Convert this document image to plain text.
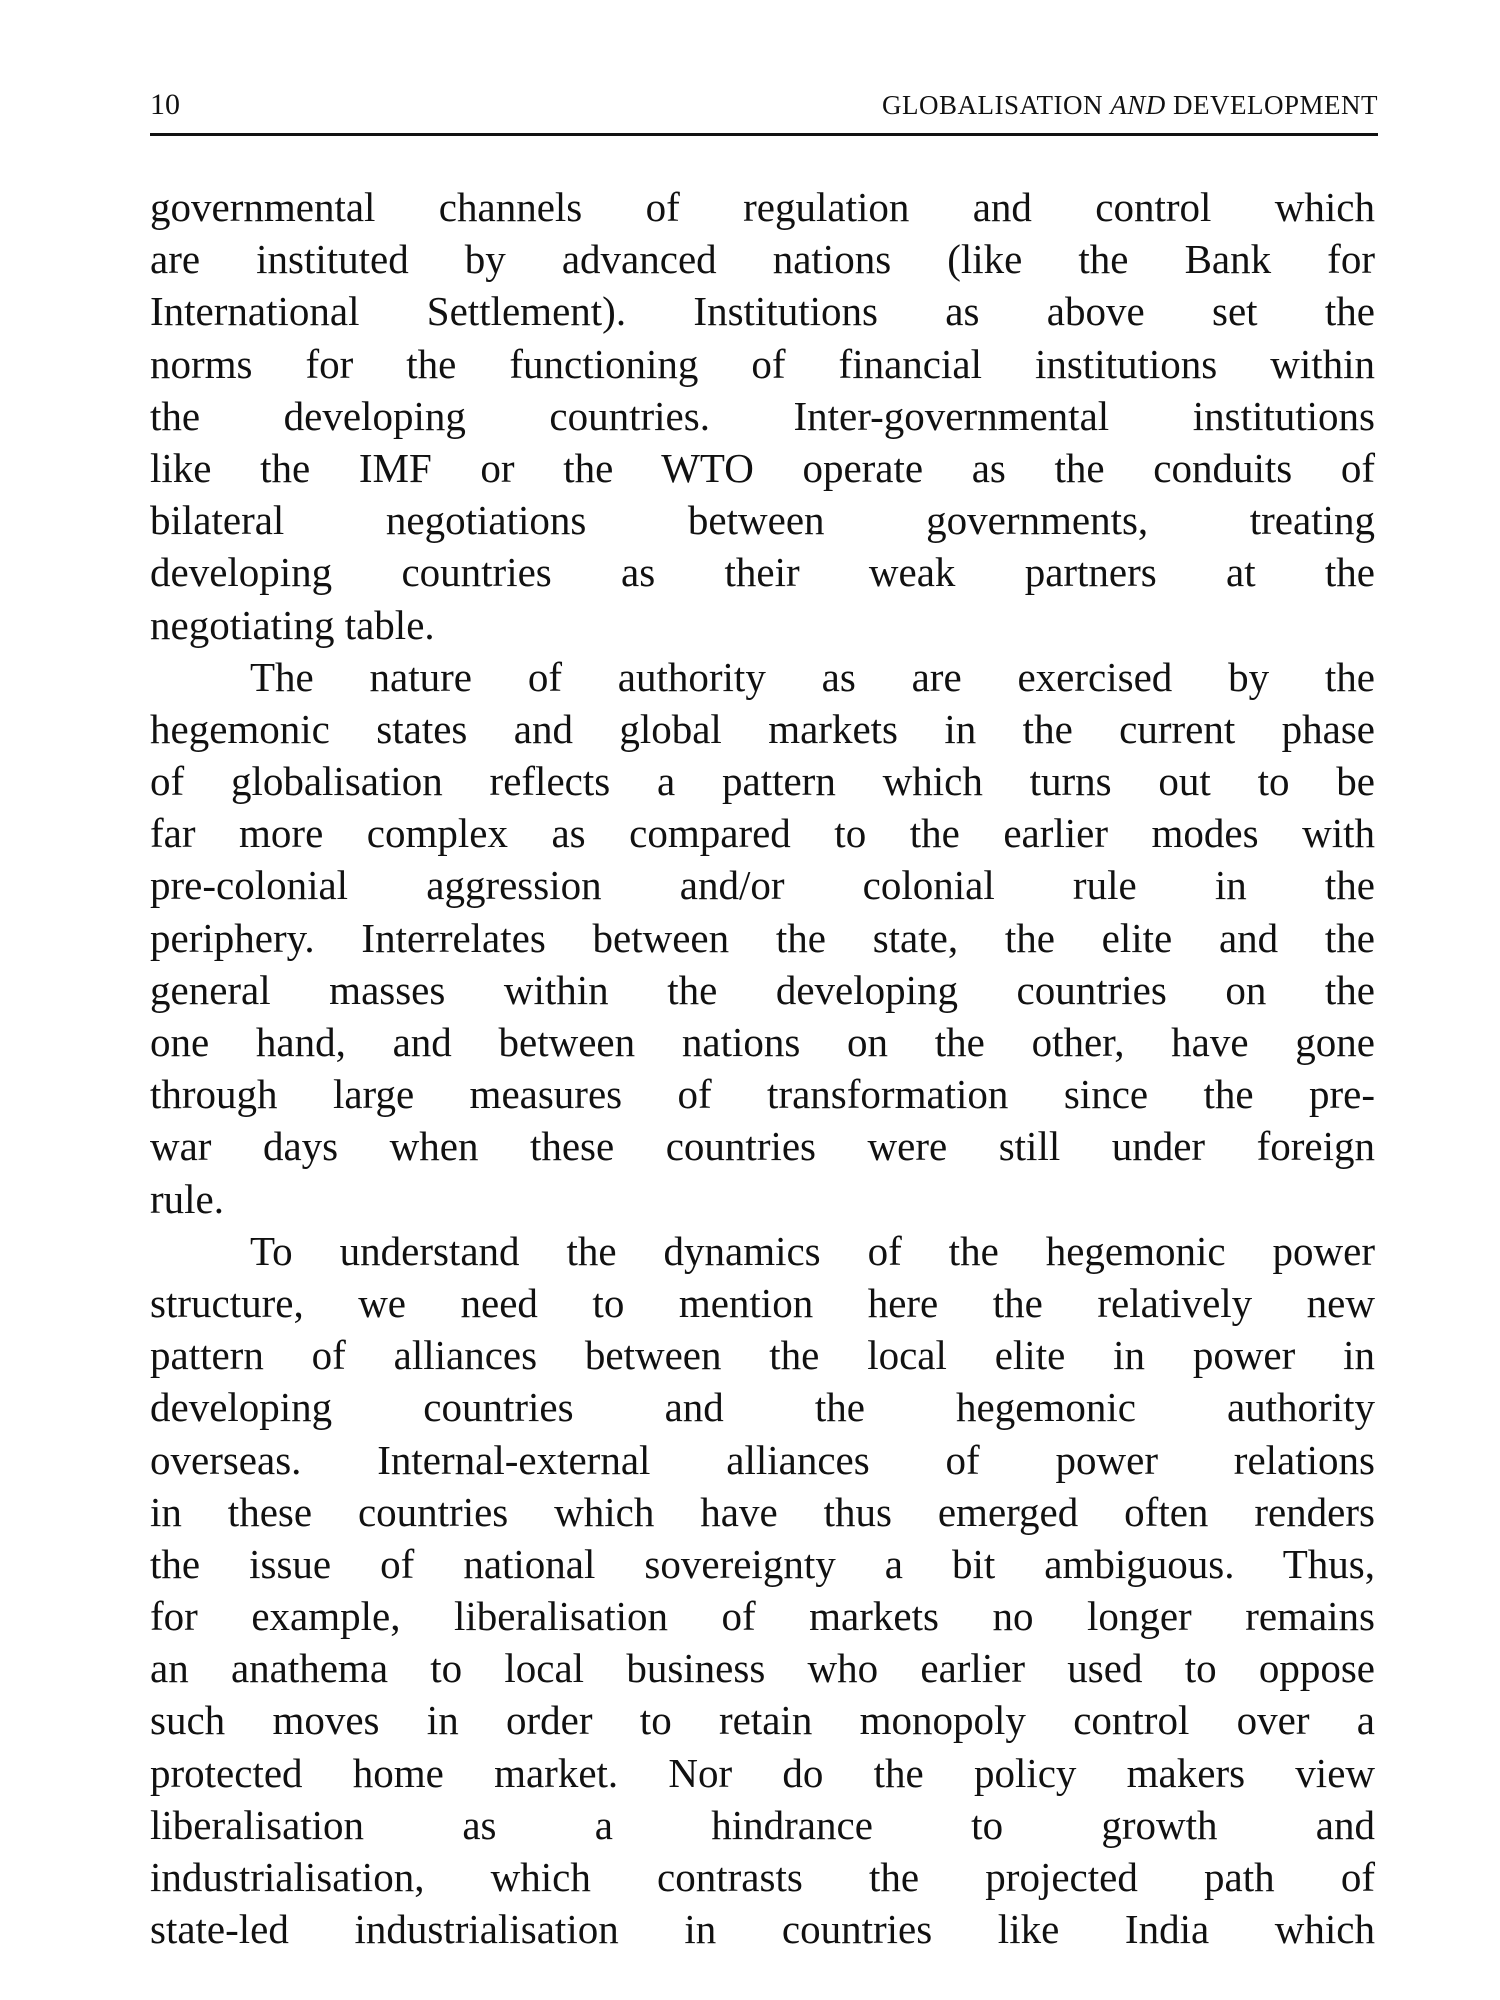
10	GLOBALISATION AND DEVELOPMENT
governmental channels of regulation and control which
are instituted by advanced nations (like the Bank for
International Settlement). Institutions as above set the
norms for the functioning of financial institutions within
the developing countries. Inter-governmental institutions
like the IMF or the WTO operate as the conduits of
bilateral negotiations between governments, treating
developing countries as their weak partners at the
negotiating table.
The nature of authority as are exercised by the
hegemonic states and global markets in the current phase
of globalisation reflects a pattern which turns out to be
far more complex as compared to the earlier modes with
pre-colonial aggression and/or colonial rule in the
periphery. Interrelates between the state, the elite and the
general masses within the developing countries on the
one hand, and between nations on the other, have gone
through large measures of transformation since the pre-
war days when these countries were still under foreign
rule.
To understand the dynamics of the hegemonic power
structure, we need to mention here the relatively new
pattern of alliances between the local elite in power in
developing countries and the hegemonic authority
overseas. Internal-external alliances of power relations
in these countries which have thus emerged often renders
the issue of national sovereignty a bit ambiguous. Thus,
for example, liberalisation of markets no longer remains
an anathema to local business who earlier used to oppose
such moves in order to retain monopoly control over a
protected home market. Nor do the policy makers view
liberalisation as a hindrance to growth and
industrialisation, which contrasts the projected path of
state-led industrialisation in countries like India which
